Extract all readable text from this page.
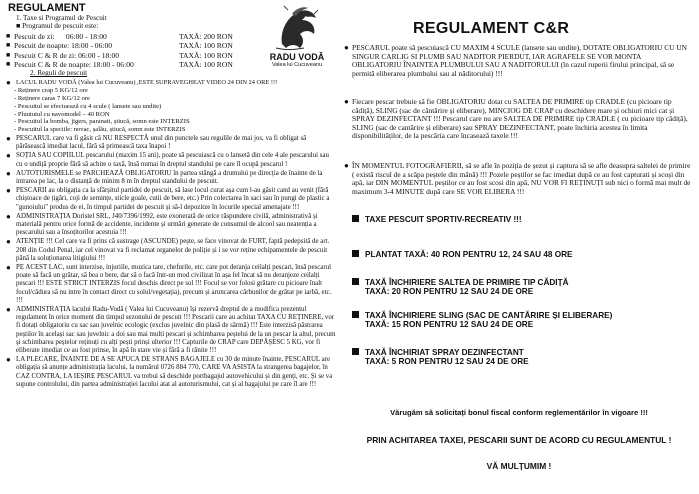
REGULAMENT
1. Taxe si Programul de Pescuit
■ Programul de pescuit este:
■ Pescuit de zi: 06:00 - 18:00	TAXĂ: 200 RON
■ Pescuit de noapte: 18:00 - 06:00	TAXĂ: 100 RON
■ Pescuit C & R de zi: 06:00 - 18:00	TAXĂ: 100 RON
■ Pescuit C & R de noapte: 18:00 - 06:00	TAXĂ: 100 RON
2. Reguli de pescuit
● LACUL RADU VODĂ (Valea lui Cucuveanu) ,ESTE SUPRAVEGHEAT VIDEO 24 DIN 24 ORE !!!
- Reținere crap 5 KG/12 ore
- Reținere caras 7 KG/12 ore
- Pescuitul se efectuează cu 4 scule ( lansete sau undite)
- Pluututul cu navomodel – 40 RON
- Pescuitul la bomba, jigers, paranati, știucă, somn este INTERZIS
- Pescuitul la speciile: novac, șalău, știucă, somn este INTERZIS
● PESCARUL care va fi găsit că NU RESPECTĂ unul din punctele sau regulile de mai jos, va fi obligat să părăsească imediat lacul, fără să primească taxa înapoi !
● SOȚIA SAU COPIILUL pescarului (maxim 15 ani), poate să pescuiască cu o lansetă din cele 4 ale pescarului sau cu o undiță proprie fără să achite o taxă, însă numai în dreptul standului pe care îl ocupă pescarul !
● AUTOTURISMELE se PARCHEAZĂ OBLIGATORIU în partea stângă a drumului pe direcția de înainte de la intrarea pe lac, la o distanță de minim 8 m în dreptul standului de pescuit.
● PESCARII au obligația ca la sfârșitul partidei de pescuit, să lase locul curat așa cum l-au găsit cand au venit (fără chiștoace de țigări, coji de semințe, sticle goale, cutii de bere, etc.) Prin colectarea în saci sau în pungi de plastic a "gunoiului" produs de ei, în timpul partidei de pescuit și să-l depozitze în locurile special amenajate !!!
● ADMINISTRAȚIA Doristel SRL, J40/7396/1992, este exonerată de orice răspundere civilă, administrativă și materială pentru orice formă de accidente, incidente și urmări generate de consumul de alcool sau neatenția a pescarului sau a însoțitorilor acestuia !!!
● ATENȚIE !!! Cel care va fi prins că sustrage (ASCUNDE) pește, se face vinovat de FURT, faptă pedepsită de art. 208 din Codul Penal, iar cel vinovat va fi reclamat organelor de poliție și i se vor reține echipamentele de pescuit până la soluționarea litigiului !!!
● PE ACEST LAC, sunt interzise, injuriile, muzica tare, chefurile, etc. care pot deranja ceilalți pescari, însă pescarul poate să facă un grătar, să bea o bere, dar să o facă într-un mod civilizat în așa fel încat să nu deranjeze ceilalți pescari !!! ESTE STRICT INTERZIS focul deschis direct pe sol !!! Focul se vor folosi grătare cu picioare înalt focul/cădura să nu intre în contact direct cu solul/vegetația), precum și aruncarea cărbunilor de grătar pe iarbă, etc. !!!
● ADMINISTRAȚIA lacului Radu-Vodă ( Valea lui Cucuveanu) își rezervă dreptul de a modifica prezentul regulament în orice moment din timpul sezonului de pescuit !!! Pescarii care au achitat TAXA CU REȚINERE, vor fi dotați obligatoriu cu sac sau juvelnic ecologic (exclus juvelnic din plasă de sârmă) !!! Este interzisă păstrarea peștilor în același sac sau juvelnic a doi sau mai multi pescari și schimbarea peștelui de la un pescar la altul, precum și schimbarea peștelor reținuți cu alți pești prinși ulterior !!! Capturile de CRAP care DEPĂȘESC 5 KG, vor fi eliberate imediat ce au fost prinse, în apă în stare vie și fără a fi rănite !!!
● LA PLECARE, ÎNAINTE DE A SE APUCA DE STRANS BAGAJELE cu 30 de minute înainte, PESCARUL are obligația să anunțe administrația lacului, la numărul 0726 884 770, CARE VA ASISTA la strangerea bagajelor, în CAZ CONTRA, LA IEȘIRE PESCARUL va trebui să deschide portbagajul autovehicului și din genți, etc. Și se va supune controlului, din partea administrației lacului atat al autoturismului, cat și al bagajului pe care îl are !!!
RADU VODĂ
Valea lui Cucuveanu
REGULAMENT C&R
● PESCARUL poate să pescuiască CU MAXIM 4 SCULE (lansete sau undite), DOTATE OBLIGATORIU CU UN SINGUR CARLIG SI PLUMB SAU NADITOR PIERDUT, IAR AGRAFELE SE VOR MONTA OBLIGATORIU ÎNAINTEA PLUMBULUI SAU A NADITORULUI (în cazul ruperii firului principal, să se permită eliberarea plumbului sau al năditorului) !!!
● Fiecare pescar trebuie să fie OBLIGATORIU dotat cu SALTEA DE PRIMIRE tip CRADLE (cu picioare tip cădiță), SLING (sac de cântărire și eliberare), MINCIOG DE CRAP cu deschidere mare și ochiuri mici cat și SPRAY DEZINFECTANT !!! Pescarul care nu are SALTEA DE PRIMIRE tip CRADLE ( cu picioare tip cădiță), SLING (sac de cantărire și eliberare) sau SPRAY DEZINFECTANT, poate închiria acestea în limita disponibilităților, de la pescăria care încasează taxele !!!
● ÎN MOMENTUL FOTOGRAFIERII, să se afle în poziția de șezut și captura să se afle deasupra saltelei de primire ( există riscul de a scăpa peștele din mână) !!! Pozele peștilor se fac imediat după ce au fost capturati și scoși din apă, iar DIN MOMENTUL peștilor ce au fost scosi din apă, NU VOR FI REȚINUȚI sub nici o formă mai mult de maximum 3-4 MINUTE după care SE VOR ELIBERA !!!
TAXE PESCUIT SPORTIV-RECREATIV !!!
PLANTAT TAXĂ: 40 RON PENTRU 12, 24 SAU 48 ORE
TAXĂ ÎNCHIRIERE SALTEA DE PRIMIRE TIP CĂDIȚĂ
TAXĂ: 20 RON PENTRU 12 SAU 24 DE ORE
TAXĂ ÎNCHIRIERE SLING (SAC DE CANTĂRIRE ȘI ELIBERARE)
TAXĂ: 15 RON PENTRU 12 SAU 24 DE ORE
TAXĂ ÎNCHIRIAT SPRAY DEZINFECTANT
TAXĂ: 5 RON PENTRU 12 SAU 24 DE ORE
Vărugăm să solicitați bonul fiscal conform reglementărilor în vigoare !!!
PRIN ACHITAREA TAXEI, PESCARII SUNT DE ACORD CU REGULAMENTUL !
VĂ MULȚUMIM !
